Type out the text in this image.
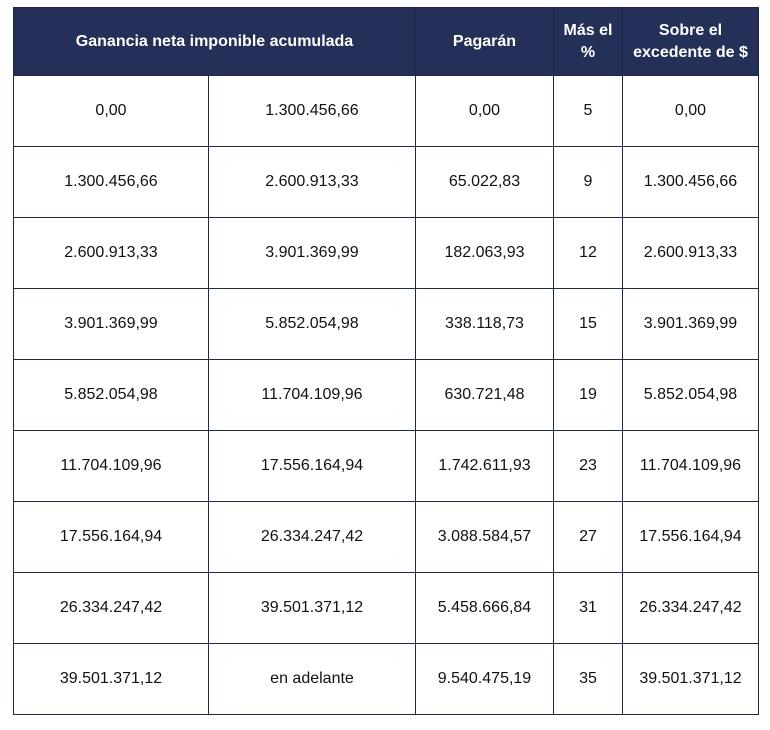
Ganancia neta imponible acumulada		Pagarán	Más el %	Sobre el excedente de $
0,00	1.300.456,66	0,00	5	0,00
1.300.456,66	2.600.913,33	65.022,83	9	1.300.456,66
2.600.913,33	3.901.369,99	182.063,93	12	2.600.913,33
3.901.369,99	5.852.054,98	338.118,73	15	3.901.369,99
5.852.054,98	11.704.109,96	630.721,48	19	5.852.054,98
11.704.109,96	17.556.164,94	1.742.611,93	23	11.704.109,96
17.556.164,94	26.334.247,42	3.088.584,57	27	17.556.164,94
26.334.247,42	39.501.371,12	5.458.666,84	31	26.334.247,42
39.501.371,12	en adelante	9.540.475,19	35	39.501.371,12
